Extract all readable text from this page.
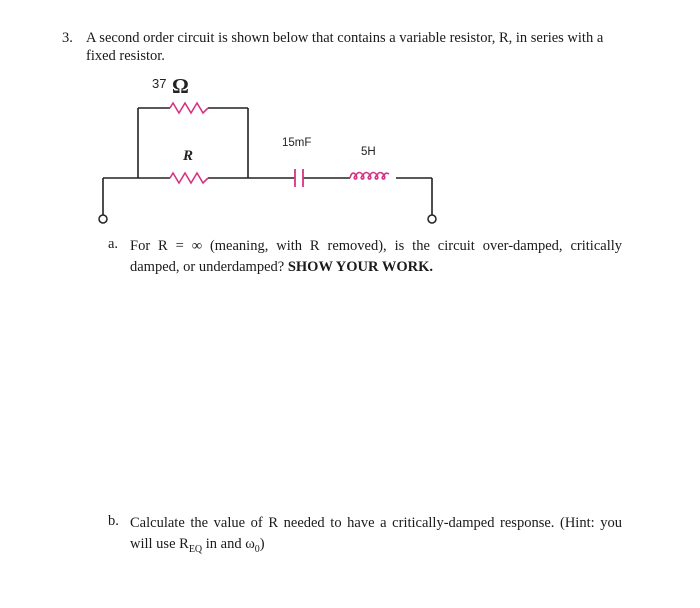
3. A second order circuit is shown below that contains a variable resistor, R, in series with a
fixed resistor.
37 Ω
R
15mF
5H
a. For R = ∞ (meaning, with R removed), is the circuit over-damped, critically damped, or underdamped? SHOW YOUR WORK.
b. Calculate the value of R needed to have a critically-damped response. (Hint: you will use $R_{EQ}$ in and $\omega_0$)
